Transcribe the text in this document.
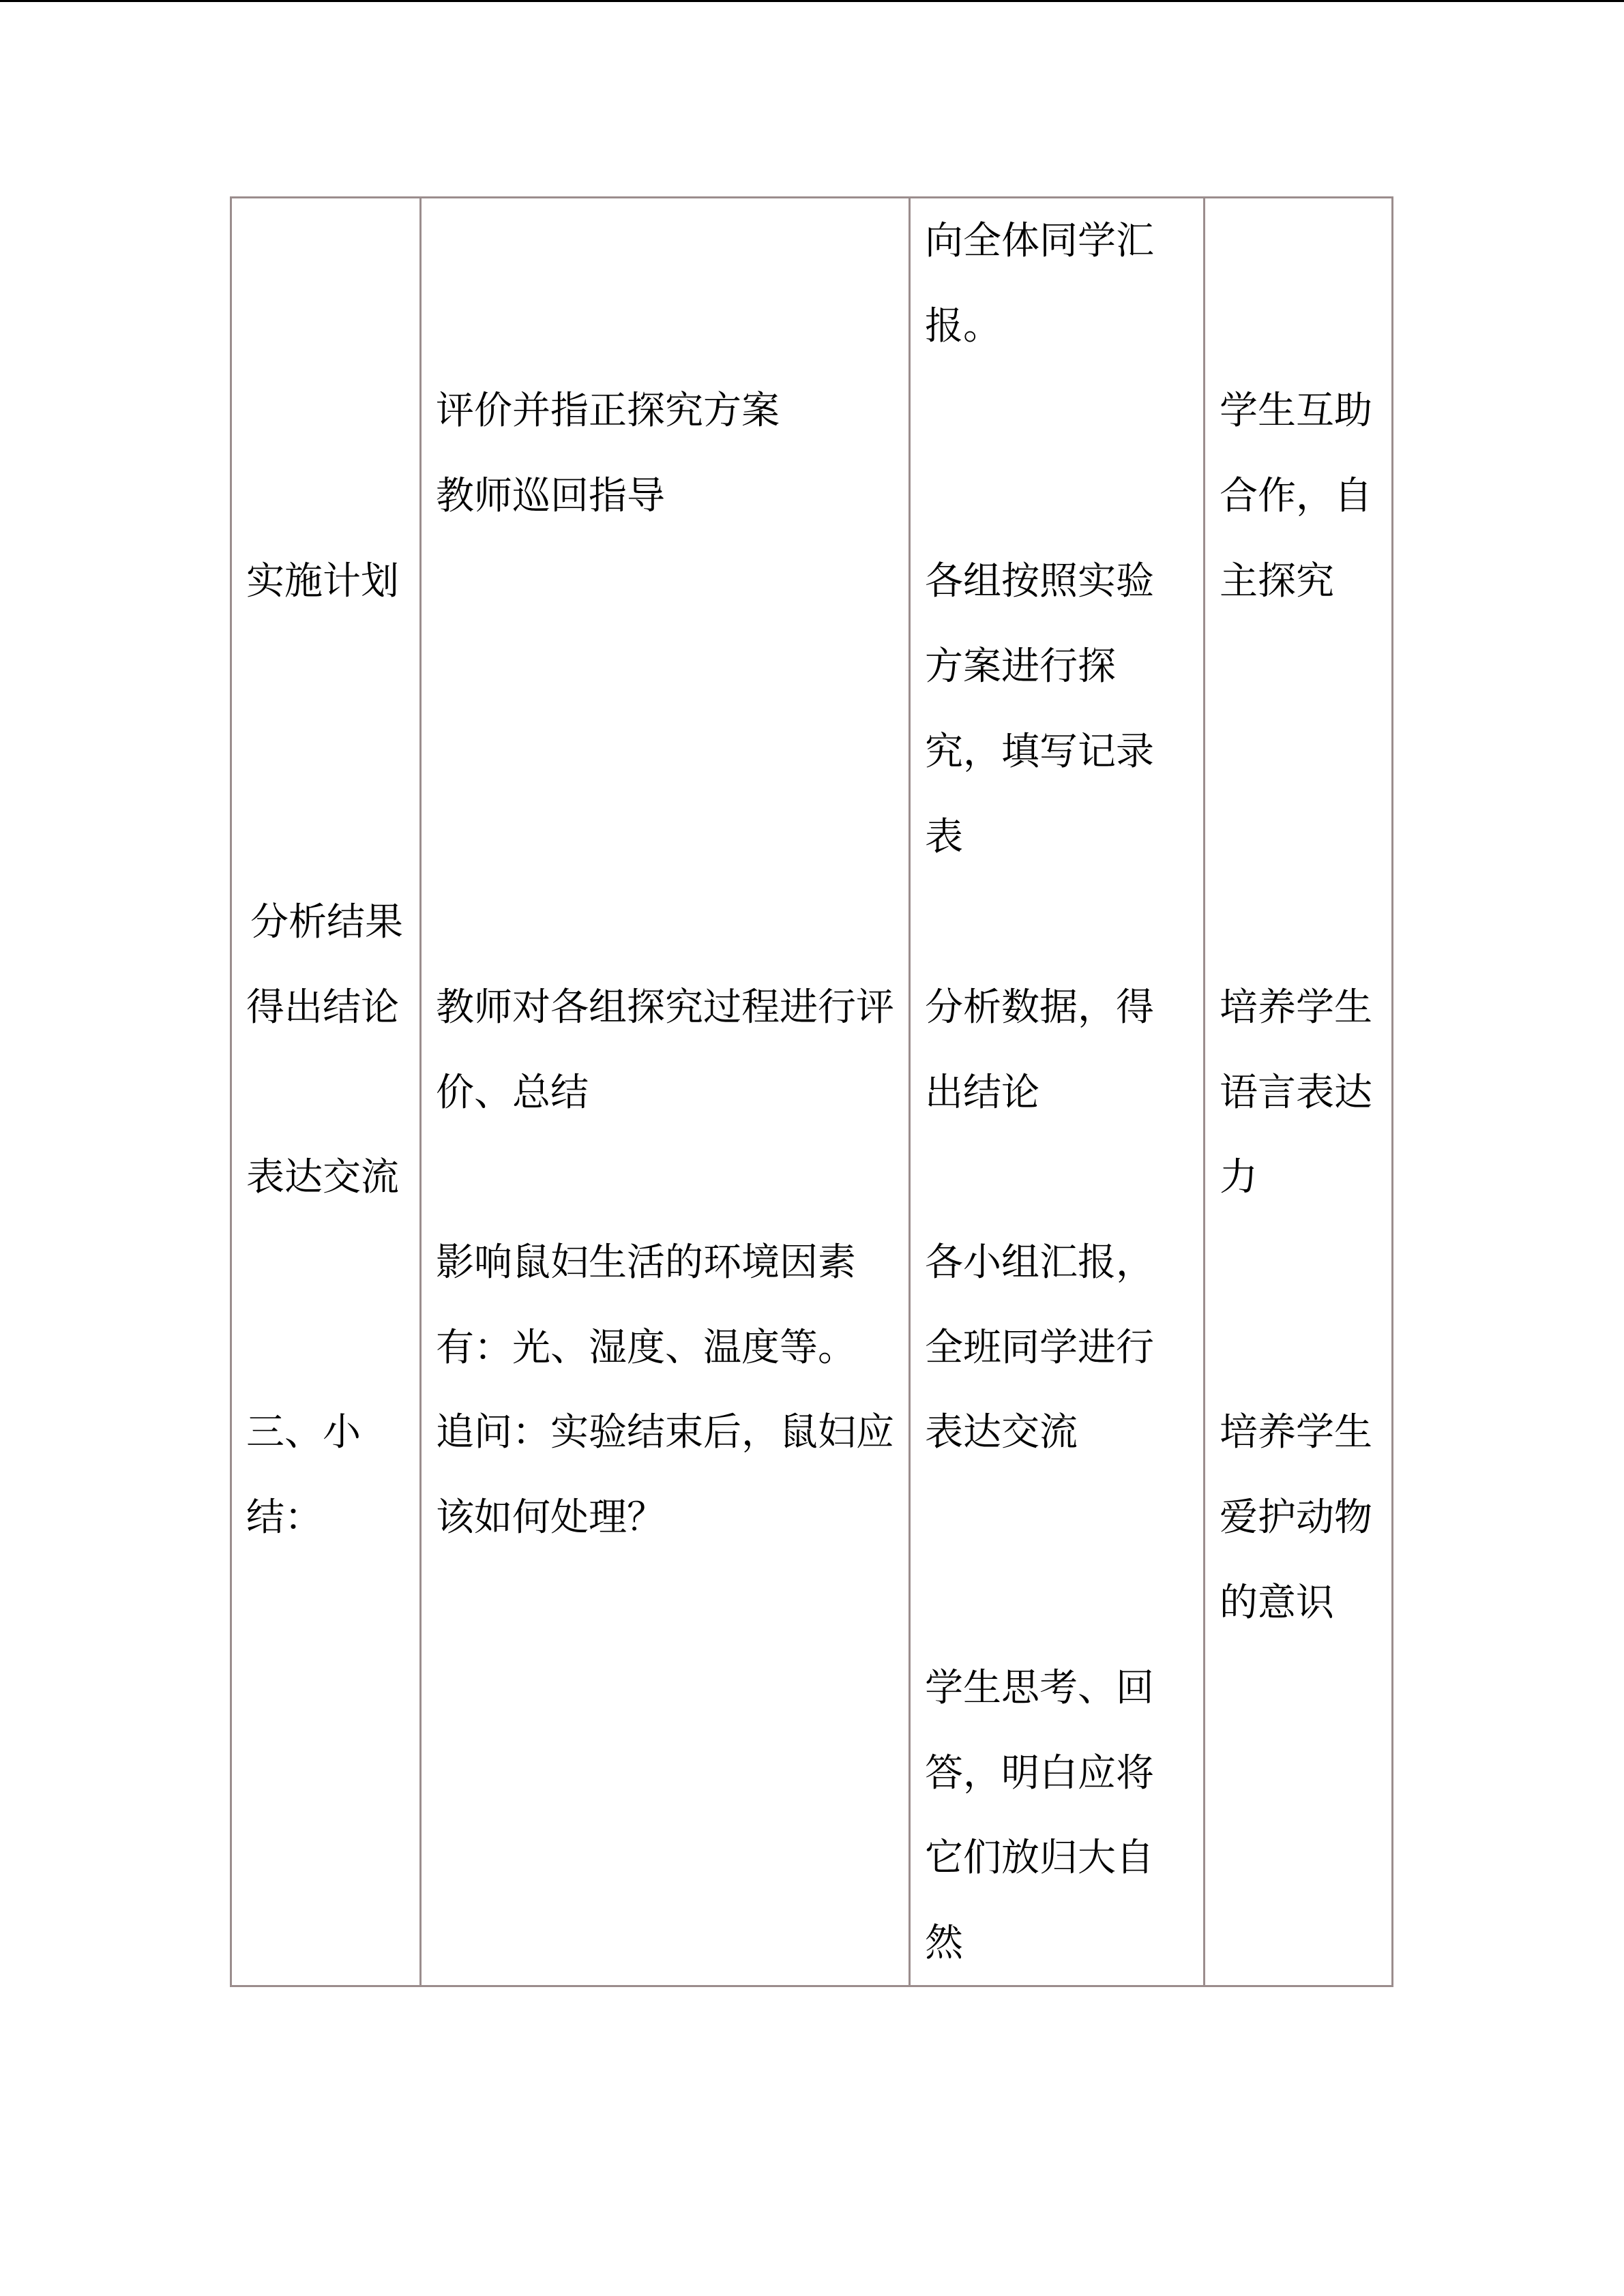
实施计划

分析结果

得出结论

表达交流

三、小

结：

评价并指正探究方案

教师巡回指导

教师对各组探究过程进行评

价、总结

影响鼠妇生活的环境因素

有：光、湿度、温度等。

追问：实验结束后，鼠妇应

该如何处理？

向全体同学汇

报。

各组按照实验

方案进行探

究，填写记录

表

分析数据，得

出结论

各小组汇报，

全班同学进行

表达交流

学生思考、回

答，明白应将

它们放归大自

然

学生互助

合作，自

主探究

培养学生

语言表达

力

培养学生

爱护动物

的意识
